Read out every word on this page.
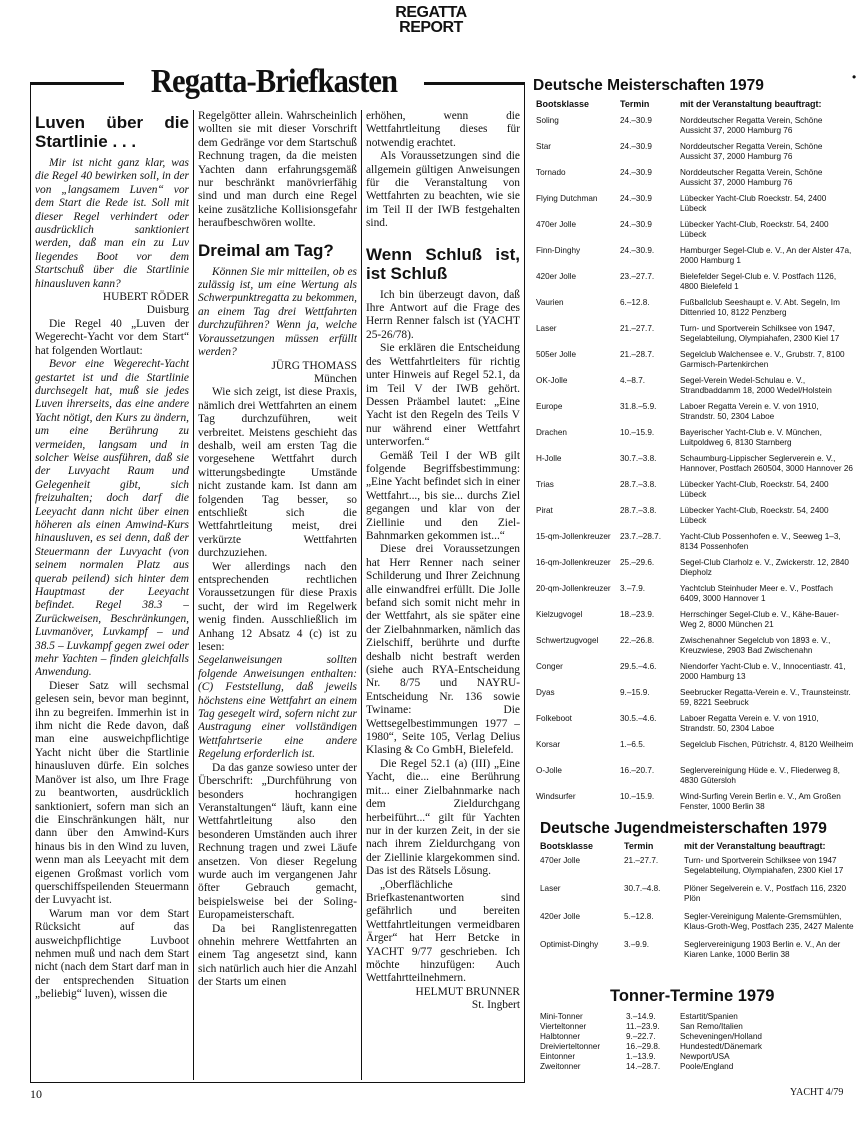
REGATTA
REPORT
Regatta-Briefkasten
Luven über die Startlinie . . .

Mir ist nicht ganz klar, was die Regel 40 bewirken soll, in der von „langsamem Luven“ vor dem Start die Rede ist. Soll mit dieser Regel verhindert oder ausdrücklich sanktioniert werden, daß man ein zu Luv liegendes Boot vor dem Startschuß über die Startlinie hinausluven kann?

HUBERT RÖDER

Duisburg

Die Regel 40 „Luven der Wegerecht-Yacht vor dem Start“ hat folgenden Wortlaut:

Bevor eine Wegerecht-Yacht gestartet ist und die Startlinie durchsegelt hat, muß sie jedes Luven ihrerseits, das eine andere Yacht nötigt, den Kurs zu ändern, um eine Berührung zu vermeiden, langsam und in solcher Weise ausführen, daß sie der Luvyacht Raum und Gelegenheit gibt, sich freizuhalten; doch darf die Leeyacht dann nicht über einen höheren als einen Amwind-Kurs hinausluven, es sei denn, daß der Steuermann der Luvyacht (von seinem normalen Platz aus querab peilend) sich hinter dem Hauptmast der Leeyacht befindet. Regel 38.3 – Zurückweisen, Beschränkungen, Luvmanöver, Luvkampf – und 38.5 – Luvkampf gegen zwei oder mehr Yachten – finden gleichfalls Anwendung.

Dieser Satz will sechsmal gelesen sein, bevor man beginnt, ihn zu begreifen. Immerhin ist in ihm nicht die Rede davon, daß man eine ausweichpflichtige Yacht nicht über die Startlinie hinausluven dürfe. Ein solches Manöver ist also, um Ihre Frage zu beantworten, ausdrücklich sanktioniert, sofern man sich an die Einschränkungen hält, nur dann über den Amwind-Kurs hinaus bis in den Wind zu luven, wenn man als Leeyacht mit dem eigenen Großmast vorlich vom querschiffspeilenden Steuermann der Luvyacht ist.

Warum man vor dem Start Rücksicht auf das ausweichpflichtige Luvboot nehmen muß und nach dem Start nicht (nach dem Start darf man in der entsprechenden Situation „beliebig“ luven), wissen die

Regelgötter allein. Wahrscheinlich wollten sie mit dieser Vorschrift dem Gedränge vor dem Startschuß Rechnung tragen, da die meisten Yachten dann erfahrungsgemäß nur beschränkt manövrierfähig sind und man durch eine Regel keine zusätzliche Kollisionsgefahr heraufbeschwören wollte.

Dreimal am Tag?

Können Sie mir mitteilen, ob es zulässig ist, um eine Wertung als Schwerpunktregatta zu bekommen, an einem Tag drei Wettfahrten durchzuführen? Wenn ja, welche Voraussetzungen müssen erfüllt werden?

JÜRG THOMASS

München

Wie sich zeigt, ist diese Praxis, nämlich drei Wettfahrten an einem Tag durchzuführen, weit verbreitet. Meistens geschieht das deshalb, weil am ersten Tag die vorgesehene Wettfahrt durch witterungsbedingte Umstände nicht zustande kam. Ist dann am folgenden Tag besser, so entschließt sich die Wettfahrtleitung meist, drei verkürzte Wettfahrten durchzuziehen.

Wer allerdings nach den entsprechenden rechtlichen Voraussetzungen für diese Praxis sucht, der wird im Regelwerk wenig finden. Ausschließlich im Anhang 12 Absatz 4 (c) ist zu lesen:

Segelanweisungen sollten folgende Anweisungen enthalten: (C) Feststellung, daß jeweils höchstens eine Wettfahrt an einem Tag gesegelt wird, sofern nicht zur Austragung einer vollständigen Wettfahrtserie eine andere Regelung erforderlich ist.

Da das ganze sowieso unter der Überschrift: „Durchführung von besonders hochrangigen Veranstaltungen“ läuft, kann eine Wettfahrtleitung also den besonderen Umständen auch ihrer Rechnung tragen und zwei Läufe ansetzen. Von dieser Regelung wurde auch im vergangenen Jahr öfter Gebrauch gemacht, beispielsweise bei der Soling-Europameisterschaft.

Da bei Ranglistenregatten ohnehin mehrere Wettfahrten an einem Tag angesetzt sind, kann sich natürlich auch hier die Anzahl der Starts um einen

erhöhen, wenn die Wettfahrtleitung dieses für notwendig erachtet.

Als Voraussetzungen sind die allgemein gültigen Anweisungen für die Veranstaltung von Wettfahrten zu beachten, wie sie im Teil II der IWB festgehalten sind.

Wenn Schluß ist, ist Schluß

Ich bin überzeugt davon, daß Ihre Antwort auf die Frage des Herrn Renner falsch ist (YACHT 25-26/78).

Sie erklären die Entscheidung des Wettfahrtleiters für richtig unter Hinweis auf Regel 52.1, da im Teil V der IWB gehört. Dessen Präambel lautet: „Eine Yacht ist den Regeln des Teils V nur während einer Wettfahrt unterworfen.“

Gemäß Teil I der WB gilt folgende Begriffsbestimmung: „Eine Yacht befindet sich in einer Wettfahrt..., bis sie... durchs Ziel gegangen und klar von der Ziellinie und den Ziel-Bahnmarken gekommen ist...“

Diese drei Voraussetzungen hat Herr Renner nach seiner Schilderung und Ihrer Zeichnung alle einwandfrei erfüllt. Die Jolle befand sich somit nicht mehr in der Wettfahrt, als sie später eine der Zielbahnmarken, nämlich das Zielschiff, berührte und durfte deshalb nicht bestraft werden (siehe auch RYA-Entscheidung Nr. 8/75 und NAYRU-Entscheidung Nr. 136 sowie Twiname: Die Wettsegelbestimmungen 1977 – 1980“, Seite 105, Verlag Delius Klasing & Co GmbH, Bielefeld.

Die Regel 52.1 (a) (III) „Eine Yacht, die... eine Berührung mit... einer Zielbahnmarke nach dem Zieldurchgang herbeiführt...“ gilt für Yachten nur in der kurzen Zeit, in der sie nach ihrem Zieldurchgang von der Ziellinie klargekommen sind. Das ist des Rätsels Lösung.

„Oberflächliche Briefkastenantworten sind gefährlich und bereiten Wettfahrtleitungen vermeidbaren Ärger“ hat Herr Betcke in YACHT 9/77 geschrieben. Ich möchte hinzufügen: Auch Wettfahrtteilnehmern.

HELMUT BRUNNER

St. Ingbert

Deutsche Meisterschaften 1979	•
Bootsklasse	Termin	mit der Veranstaltung beauftragt:
Soling	24.–30.9	Norddeutscher Regatta Verein, Schöne Aussicht 37, 2000 Hamburg 76
Star	24.–30.9	Norddeutscher Regatta Verein, Schöne Aussicht 37, 2000 Hamburg 76
Tornado	24.–30.9	Norddeutscher Regatta Verein, Schöne Aussicht 37, 2000 Hamburg 76
Flying Dutchman	24.–30.9	Lübecker Yacht-Club Roeckstr. 54, 2400 Lübeck
470er Jolle	24.–30.9	Lübecker Yacht-Club, Roeckstr. 54, 2400 Lübeck
Finn-Dinghy	24.–30.9.	Hamburger Segel-Club e. V., An der Alster 47a, 2000 Hamburg 1
420er Jolle	23.–27.7.	Bielefelder Segel-Club e. V. Postfach 1126, 4800 Bielefeld 1
Vaurien	6.–12.8.	Fußballclub Seeshaupt e. V. Abt. Segeln, Im Dittenried 10, 8122 Penzberg
Laser	21.–27.7.	Turn- und Sportverein Schilksee von 1947, Segelabteilung, Olympiahafen, 2300 Kiel 17
505er Jolle	21.–28.7.	Segelclub Walchensee e. V., Grubstr. 7, 8100 Garmisch-Partenkirchen
OK-Jolle	4.–8.7.	Segel-Verein Wedel-Schulau e. V., Strandbaddamm 18, 2000 Wedel/Holstein
Europe	31.8.–5.9.	Laboer Regatta Verein e. V. von 1910, Strandstr. 50, 2304 Laboe
Drachen	10.–15.9.	Bayerischer Yacht-Club e. V. München, Luitpoldweg 6, 8130 Starnberg
H-Jolle	30.7.–3.8.	Schaumburg-Lippischer Seglerverein e. V., Hannover, Postfach 260504, 3000 Hannover 26
Trias	28.7.–3.8.	Lübecker Yacht-Club, Roeckstr. 54, 2400 Lübeck
Pirat	28.7.–3.8.	Lübecker Yacht-Club, Roeckstr. 54, 2400 Lübeck
15-qm-Jollenkreuzer	23.7.–28.7.	Yacht-Club Possenhofen e. V., Seeweg 1–3, 8134 Possenhofen
16-qm-Jollenkreuzer	25.–29.6.	Segel-Club Clarholz e. V., Zwickerstr. 12, 2840 Diepholz
20-qm-Jollenkreuzer	3.–7.9.	Yachtclub Steinhuder Meer e. V., Postfach 6409, 3000 Hannover 1
Kielzugvogel	18.–23.9.	Herrschinger Segel-Club e. V., Kähe-Bauer-Weg 2, 8000 München 21
Schwertzugvogel	22.–26.8.	Zwischenahner Segelclub von 1893 e. V., Kreuzwiese, 2903 Bad Zwischenahn
Conger	29.5.–4.6.	Niendorfer Yacht-Club e. V., Innocentiastr. 41, 2000 Hamburg 13
Dyas	9.–15.9.	Seebrucker Regatta-Verein e. V., Traunsteinstr. 59, 8221 Seebruck
Folkeboot	30.5.–4.6.	Laboer Regatta Verein e. V. von 1910, Strandstr. 50, 2304 Laboe
Korsar	1.–6.5.	Segelclub Fischen, Pütrichstr. 4, 8120 Weilheim
O-Jolle	16.–20.7.	Seglervereinigung Hüde e. V., Fliederweg 8, 4830 Gütersloh
Windsurfer	10.–15.9.	Wind-Surfing Verein Berlin e. V., Am Großen Fenster, 1000 Berlin 38
Deutsche Jugendmeisterschaften 1979
Bootsklasse	Termin	mit der Veranstaltung beauftragt:
470er Jolle	21.–27.7.	Turn- und Sportverein Schilksee von 1947 Segelabteilung, Olympiahafen, 2300 Kiel 17
Laser	30.7.–4.8.	Plöner Segelverein e. V., Postfach 116, 2320 Plön
420er Jolle	5.–12.8.	Segler-Vereinigung Malente-Gremsmühlen, Klaus-Groth-Weg, Postfach 235, 2427 Malente
Optimist-Dinghy	3.–9.9.	Seglervereinigung 1903 Berlin e. V., An der Kiaren Lanke, 1000 Berlin 38
Tonner-Termine 1979
Mini-Tonner	3.–14.9.	Estartit/Spanien
Vierteltonner	11.–23.9.	San Remo/Italien
Halbtonner	9.–22.7.	Scheveningen/Holland
Dreivierteltonner	16.–29.8.	Hundestedt/Dänemark
Eintonner	1.–13.9.	Newport/USA
Zweitonner	14.–28.7.	Poole/England
10	YACHT 4/79
